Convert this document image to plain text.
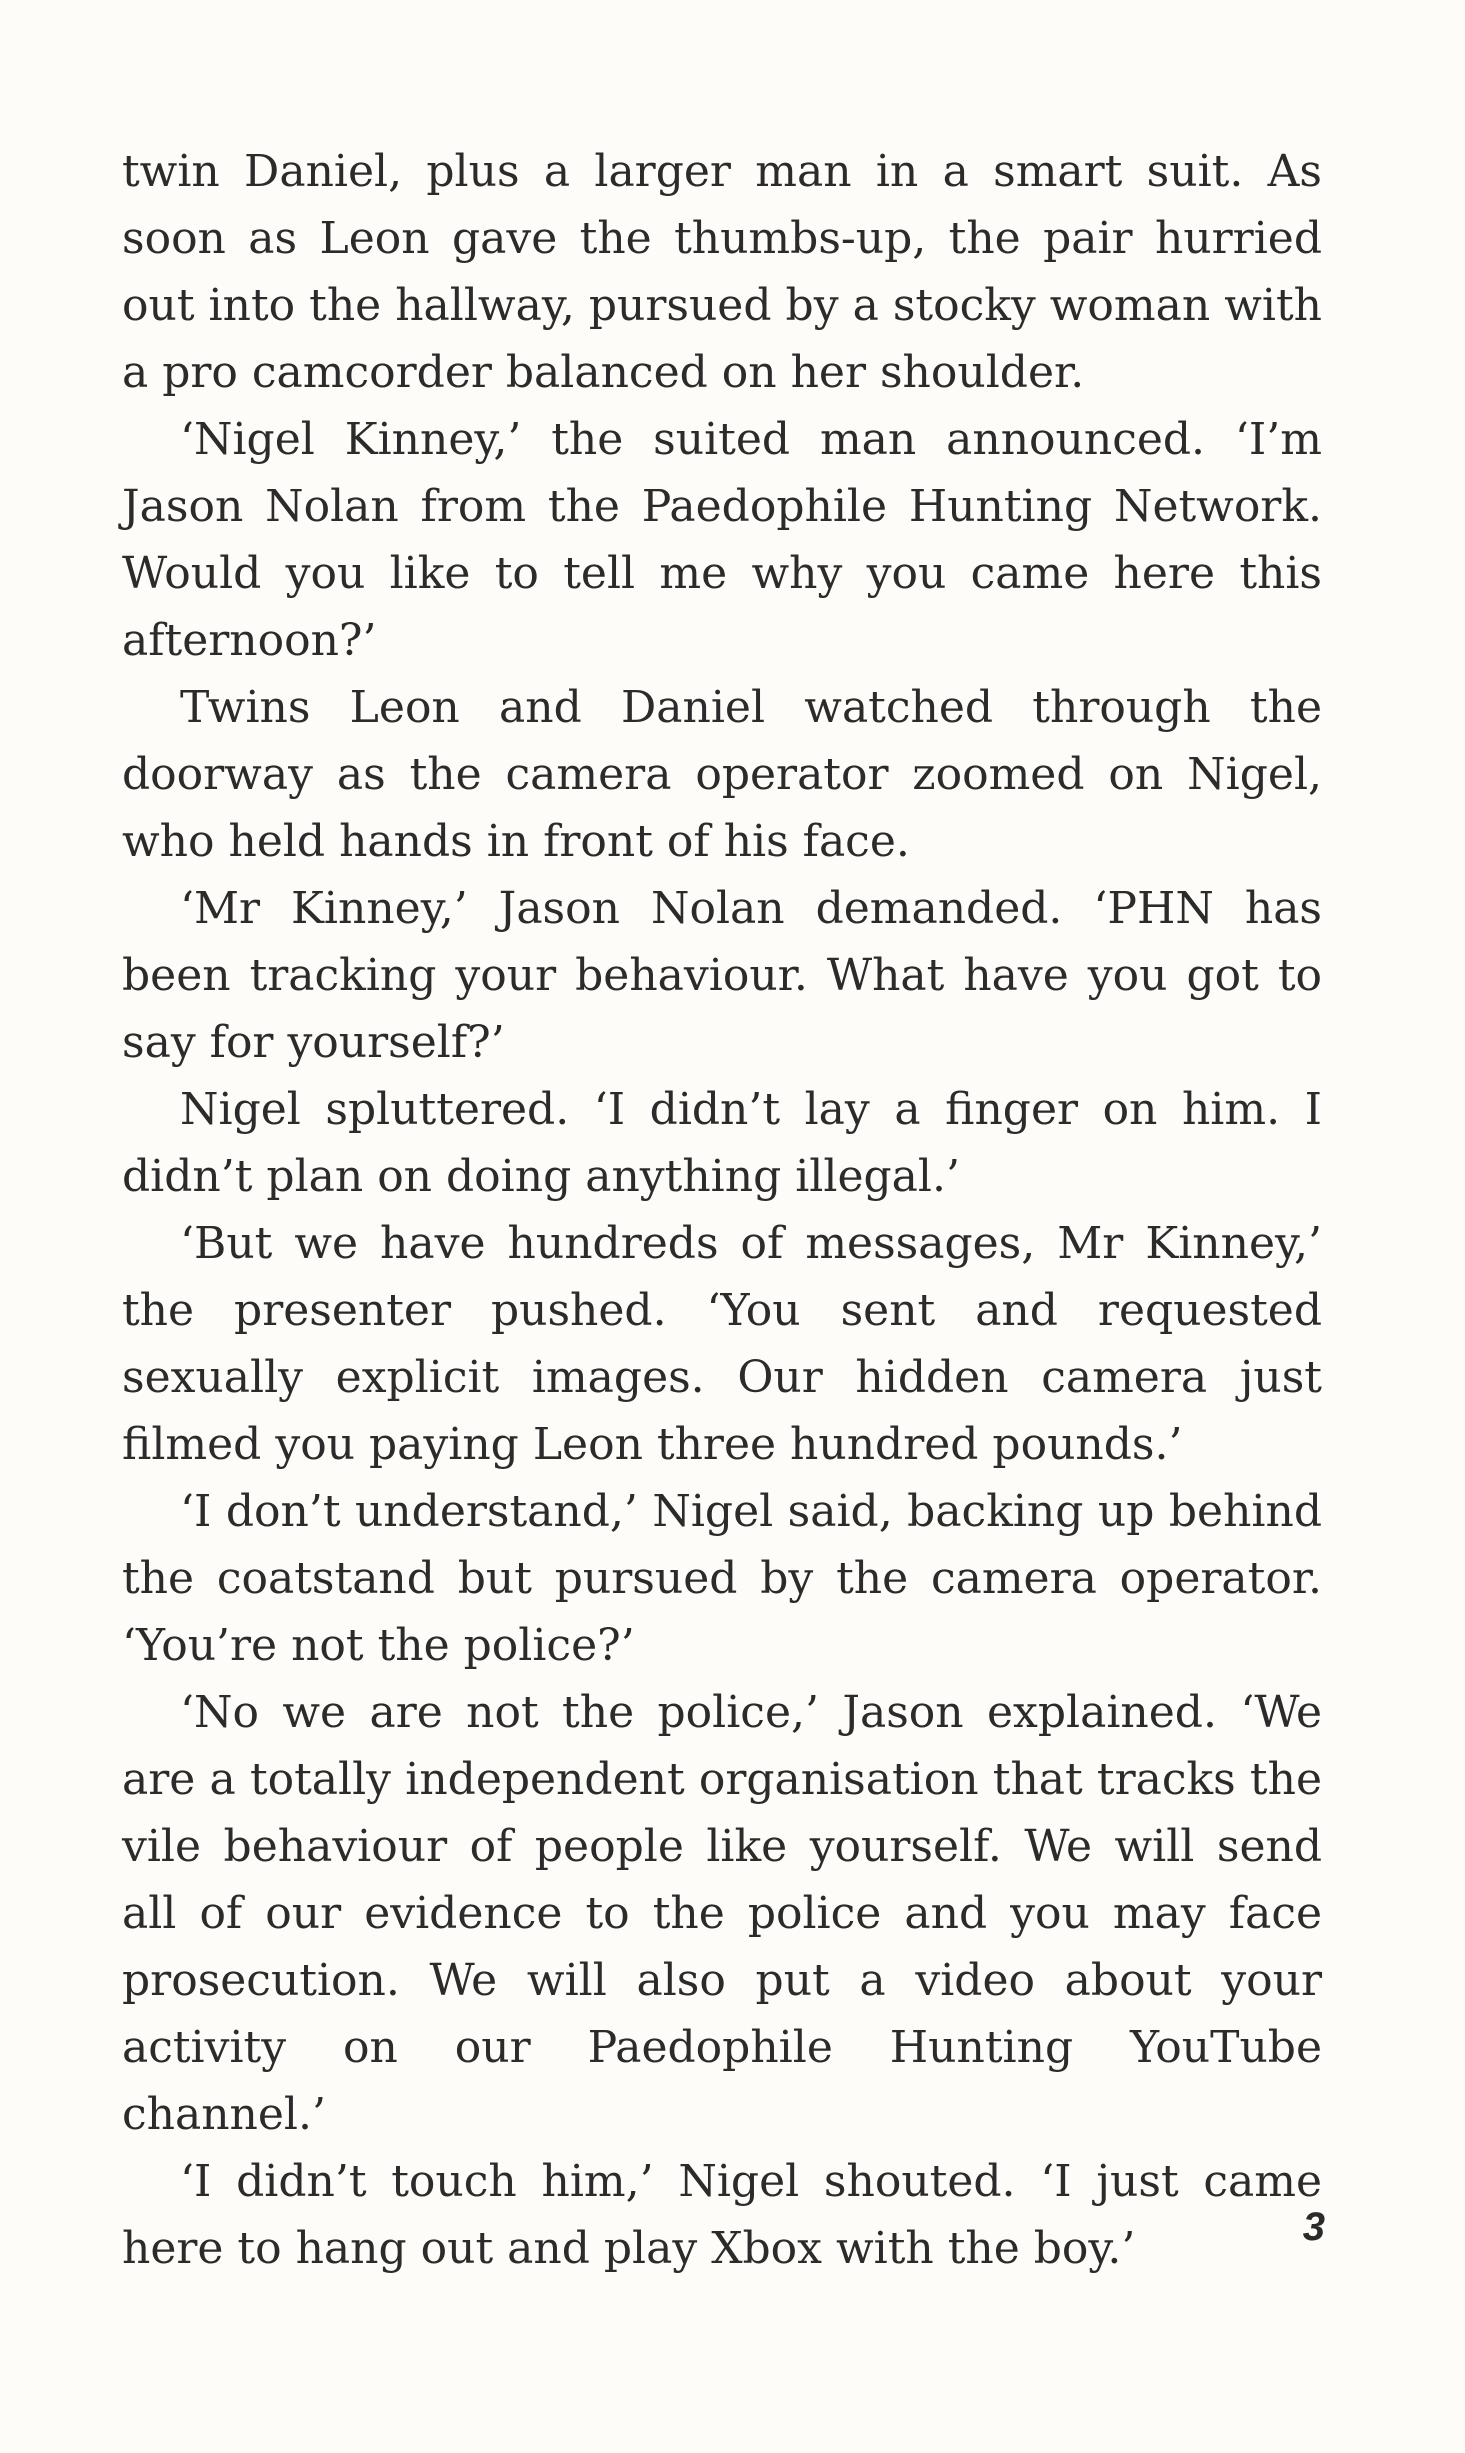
twin Daniel, plus a larger man in a smart suit. As soon as Leon gave the thumbs-up, the pair hurried out into the hallway, pursued by a stocky woman with a pro camcorder balanced on her shoulder.

‘Nigel Kinney,’ the suited man announced. ‘I’m Jason Nolan from the Paedophile Hunting Network. Would you like to tell me why you came here this afternoon?’

Twins Leon and Daniel watched through the doorway as the camera operator zoomed on Nigel, who held hands in front of his face.

‘Mr Kinney,’ Jason Nolan demanded. ‘PHN has been tracking your behaviour. What have you got to say for yourself?’

Nigel spluttered. ‘I didn’t lay a finger on him. I didn’t plan on doing anything illegal.’

‘But we have hundreds of messages, Mr Kinney,’ the presenter pushed. ‘You sent and requested sexually explicit images. Our hidden camera just filmed you paying Leon three hundred pounds.’

‘I don’t understand,’ Nigel said, backing up behind the coatstand but pursued by the camera operator. ‘You’re not the police?’

‘No we are not the police,’ Jason explained. ‘We are a totally independent organisation that tracks the vile behaviour of people like yourself. We will send all of our evidence to the police and you may face prosecution. We will also put a video about your activity on our Paedophile Hunting YouTube channel.’

‘I didn’t touch him,’ Nigel shouted. ‘I just came here to hang out and play Xbox with the boy.’	3
